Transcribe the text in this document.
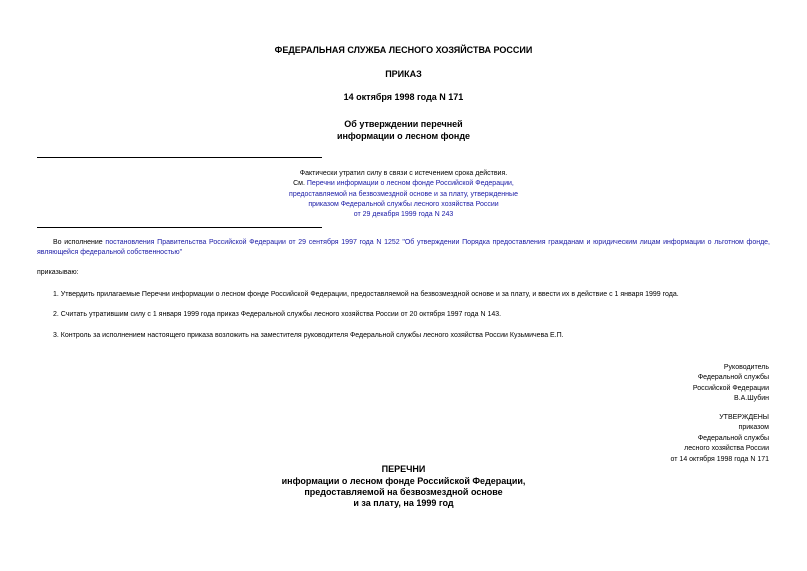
ФЕДЕРАЛЬНАЯ СЛУЖБА ЛЕСНОГО ХОЗЯЙСТВА РОССИИ
ПРИКАЗ
14 октября 1998 года N 171
Об утверждении перечней
информации о лесном фонде
Фактически утратил силу в связи с истечением срока действия.
См. Перечни информации о лесном фонде Российской Федерации,
предоставляемой на безвозмездной основе и за плату, утвержденные
приказом Федеральной службы лесного хозяйства России
от 29 декабря 1999 года N 243
Во исполнение постановления Правительства Российской Федерации от 29 сентября 1997 года N 1252 "Об утверждении Порядка предоставления гражданам и юридическим лицам информации о льготном фонде, являющейся федеральной собственностью"
приказываю:
1. Утвердить прилагаемые Перечни информации о лесном фонде Российской Федерации, предоставляемой на безвозмездной основе и за плату, и ввести их в действие с 1 января 1999 года.
2. Считать утратившим силу с 1 января 1999 года приказ Федеральной службы лесного хозяйства России от 20 октября 1997 года N 143.
3. Контроль за исполнением настоящего приказа возложить на заместителя руководителя Федеральной службы лесного хозяйства России Кузьмичева Е.П.
Руководитель
Федеральной службы
Российской Федерации
В.А.Шубин
УТВЕРЖДЕНЫ
приказом
Федеральной службы
лесного хозяйства России
от 14 октября 1998 года N 171
ПЕРЕЧНИ
информации о лесном фонде Российской Федерации,
предоставляемой на безвозмездной основе
и за плату, на 1999 год
